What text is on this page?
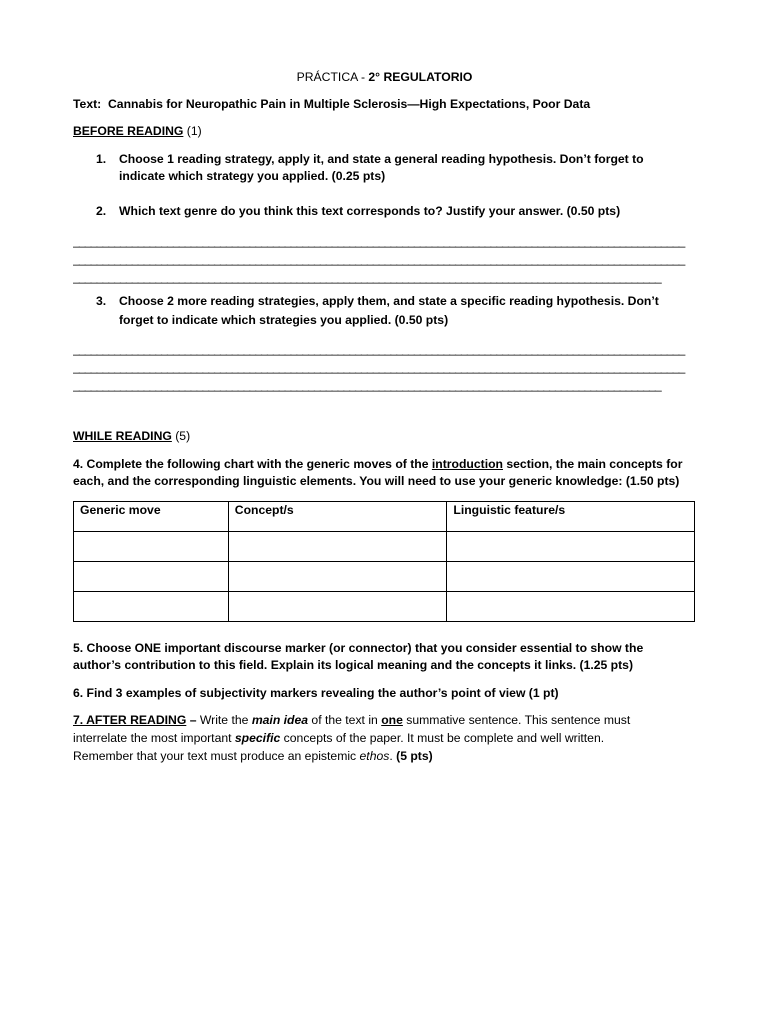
PRÁCTICA - 2° REGULATORIO
Text: Cannabis for Neuropathic Pain in Multiple Sclerosis—High Expectations, Poor Data
BEFORE READING (1)
1. Choose 1 reading strategy, apply it, and state a general reading hypothesis. Don’t forget to
indicate which strategy you applied. (0.25 pts)
2. Which text genre do you think this text corresponds to? Justify your answer. (0.50 pts)
________________________________________________________________________________________________________
________________________________________________________________________________________________________
____________________________________________________________________________________________________
3. Choose 2 more reading strategies, apply them, and state a specific reading hypothesis. Don’t
forget to indicate which strategies you applied. (0.50 pts)
________________________________________________________________________________________________________
________________________________________________________________________________________________________
____________________________________________________________________________________________________
WHILE READING (5)
4. Complete the following chart with the generic moves of the introduction section, the main concepts for
each, and the corresponding linguistic elements. You will need to use your generic knowledge: (1.50 pts)
Generic move	Concept/s	Linguistic feature/s

5. Choose ONE important discourse marker (or connector) that you consider essential to show the
author’s contribution to this field. Explain its logical meaning and the concepts it links. (1.25 pts)
6. Find 3 examples of subjectivity markers revealing the author’s point of view (1 pt)
7. AFTER READING – Write the main idea of the text in one summative sentence. This sentence must
interrelate the most important specific concepts of the paper. It must be complete and well written.
Remember that your text must produce an epistemic ethos. (5 pts)
